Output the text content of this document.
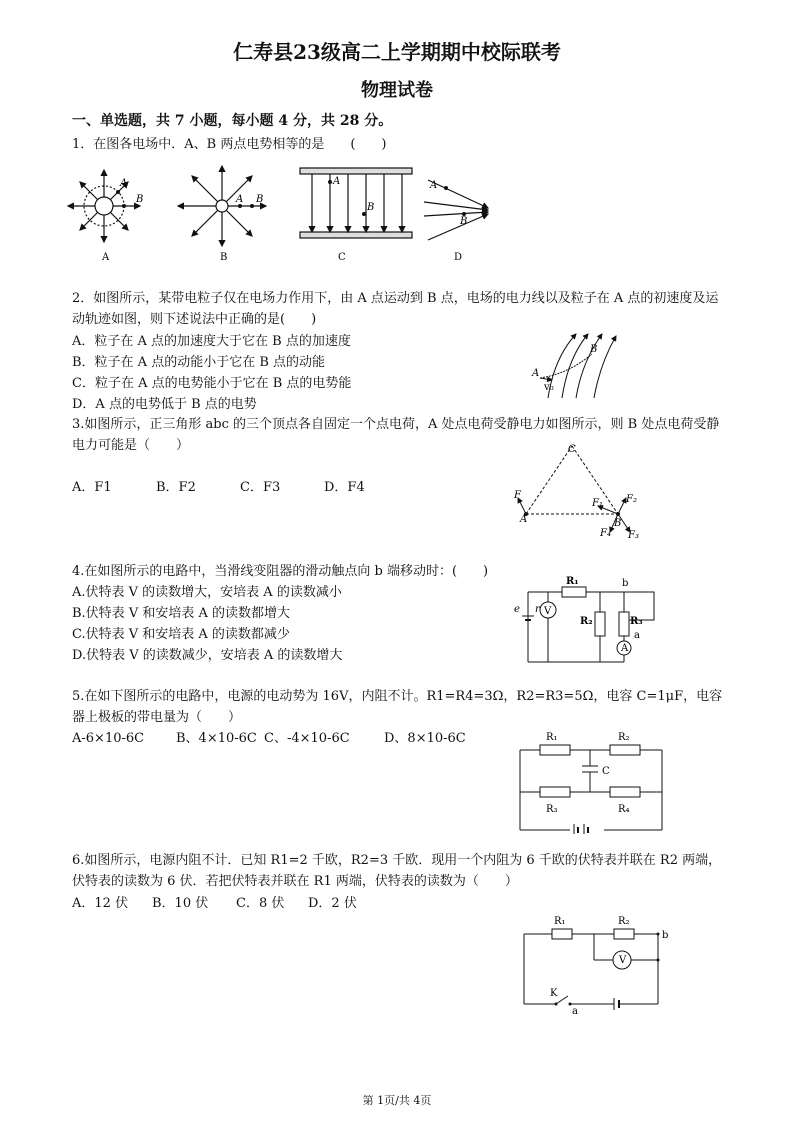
仁寿县23级高二上学期期中校际联考
物理试卷
一、单选题，共 7 小题，每小题 4 分，共 28 分。
1．在图各电场中．A、B 两点电势相等的是　　(　　)
A
B
A
A B
B
A
B
C
A
B
D
2．如图所示，某带电粒子仅在电场力作用下，由 A 点运动到 B 点，电场的电力线以及粒子在 A 点的初速度及运动轨迹如图，则下述说法中正确的是(　　)
A．粒子在 A 点的加速度大于它在 B 点的加速度
B．粒子在 A 点的动能小于它在 B 点的动能
C．粒子在 A 点的电势能小于它在 B 点的电势能
D．A 点的电势低于 B 点的电势
A
B
v₀
3.如图所示，正三角形 abc 的三个顶点各自固定一个点电荷，A 处点电荷受静电力如图所示，则 B 处点电荷受静电力可能是（　　）
A．F1	B．F2	C．F3	D．F4
C
A	B
F
F₁ F₂
F₃
F₄
4.在如图所示的电路中，当滑线变阻器的滑动触点向 b 端移动时：(　　)
A.伏特表 V 的读数增大，安培表 A 的读数减小
B.伏特表 V 和安培表 A 的读数都增大
C.伏特表 V 和安培表 A 的读数都减少
D.伏特表 V 的读数减少，安培表 A 的读数增大
R₁
R₂	R₃
V
A
e r
b
a
5.在如下图所示的电路中，电源的电动势为 16V，内阻不计。R1=R4=3Ω，R2=R3=5Ω，电容 C=1μF，电容器上极板的带电量为（　　）
A-6×10-6C B、4×10-6C C、-4×10-6C	D、8×10-6C	R₁	R₂
R₃	R₄
C
6.如图所示，电源内阻不计．已知 R1=2 千欧，R2=3 千欧．现用一个内阻为 6 千欧的伏特表并联在 R2 两端，伏特表的读数为 6 伏．若把伏特表并联在 R1 两端，伏特表的读数为（　　）
A．12 伏 B．10 伏 C．8 伏 D．2 伏
R₁	R₂
V
K
a
b
第 1页/共 4页
